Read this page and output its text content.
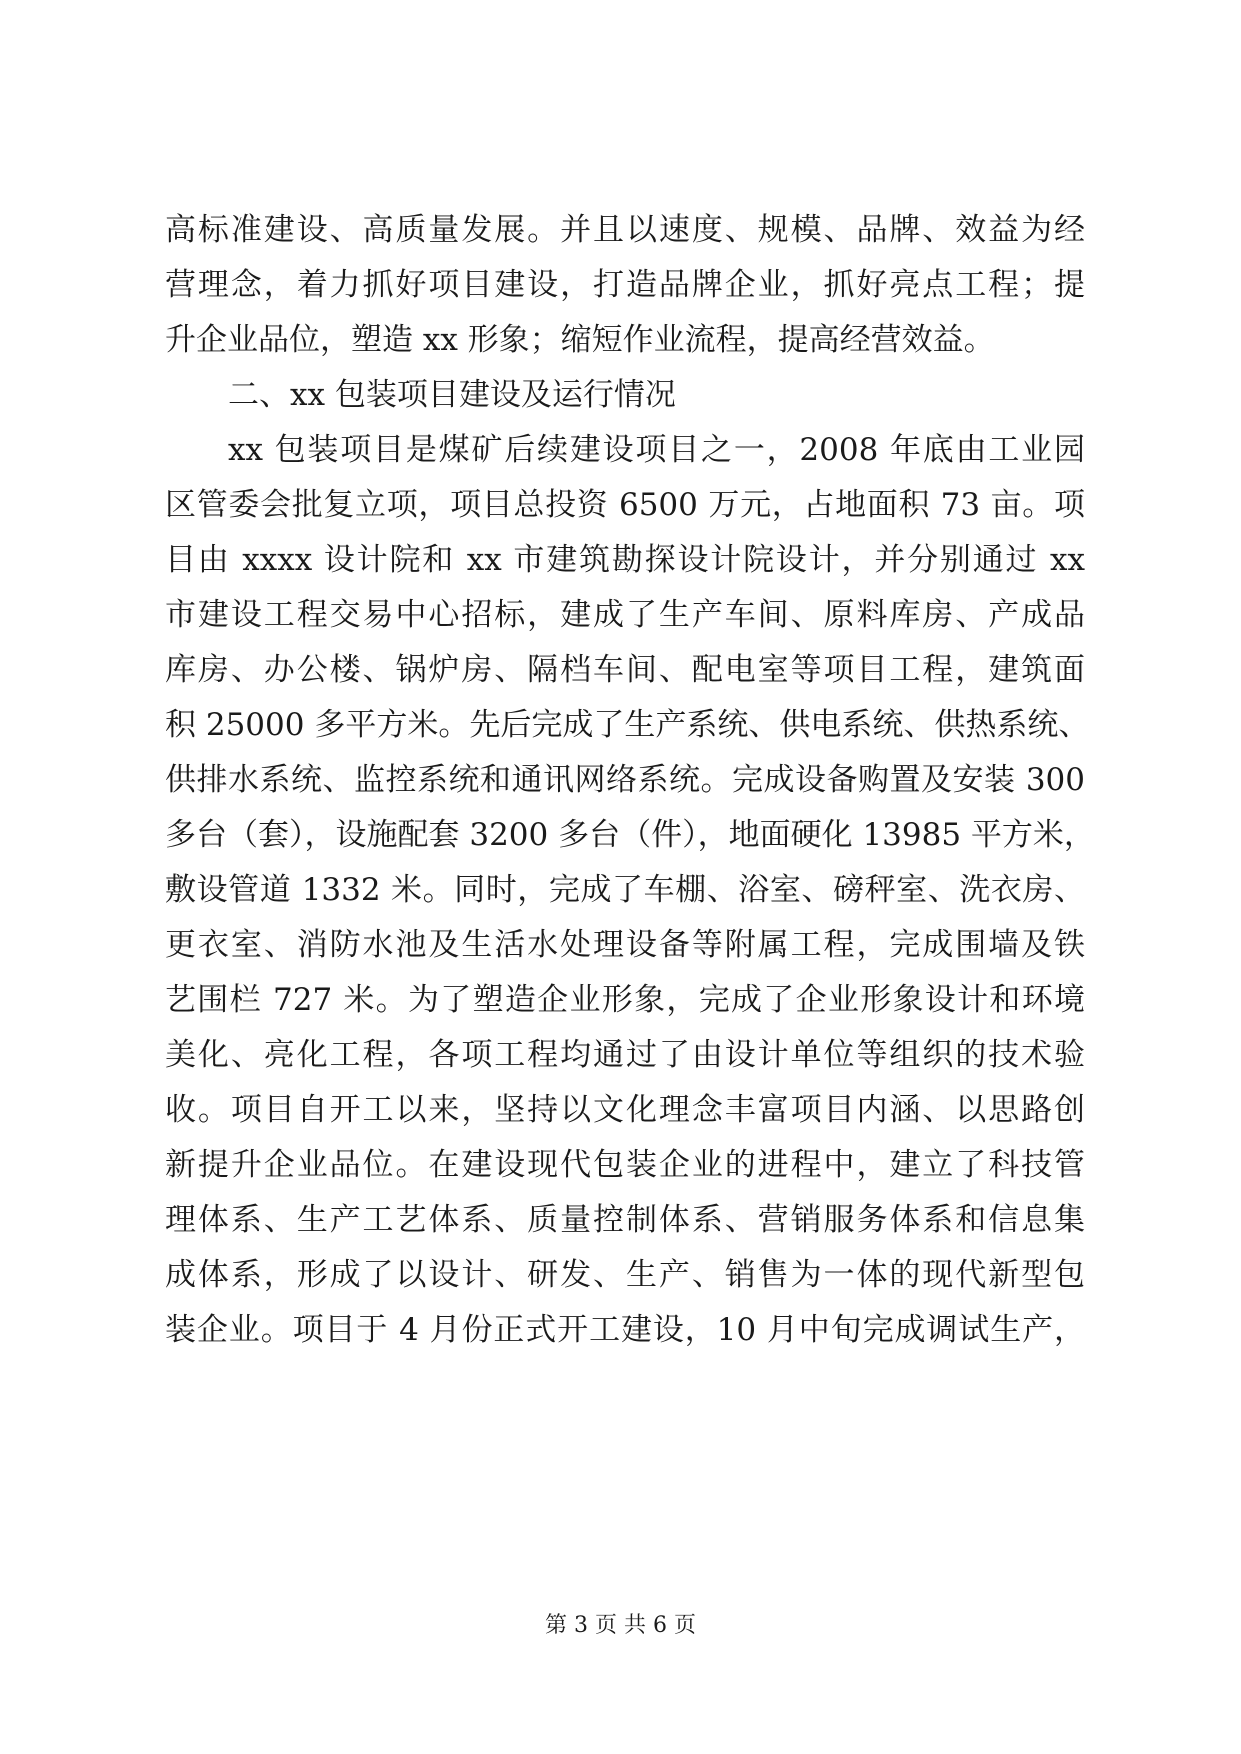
高标准建设、高质量发展。并且以速度、规模、品牌、效益为经
营理念，着力抓好项目建设，打造品牌企业，抓好亮点工程；提
升企业品位，塑造 xx 形象；缩短作业流程，提高经营效益。
二、xx 包装项目建设及运行情况
xx 包装项目是煤矿后续建设项目之一，2008 年底由工业园
区管委会批复立项，项目总投资 6500 万元，占地面积 73 亩。项
目由 xxxx 设计院和 xx 市建筑勘探设计院设计，并分别通过 xx
市建设工程交易中心招标，建成了生产车间、原料库房、产成品
库房、办公楼、锅炉房、隔档车间、配电室等项目工程，建筑面
积 25000 多平方米。先后完成了生产系统、供电系统、供热系统、
供排水系统、监控系统和通讯网络系统。完成设备购置及安装 300
多台（套），设施配套 3200 多台（件），地面硬化 13985 平方米，
敷设管道 1332 米。同时，完成了车棚、浴室、磅秤室、洗衣房、
更衣室、消防水池及生活水处理设备等附属工程，完成围墙及铁
艺围栏 727 米。为了塑造企业形象，完成了企业形象设计和环境
美化、亮化工程，各项工程均通过了由设计单位等组织的技术验
收。项目自开工以来，坚持以文化理念丰富项目内涵、以思路创
新提升企业品位。在建设现代包装企业的进程中，建立了科技管
理体系、生产工艺体系、质量控制体系、营销服务体系和信息集
成体系，形成了以设计、研发、生产、销售为一体的现代新型包
装企业。项目于 4 月份正式开工建设，10 月中旬完成调试生产，
第 3 页 共 6 页
